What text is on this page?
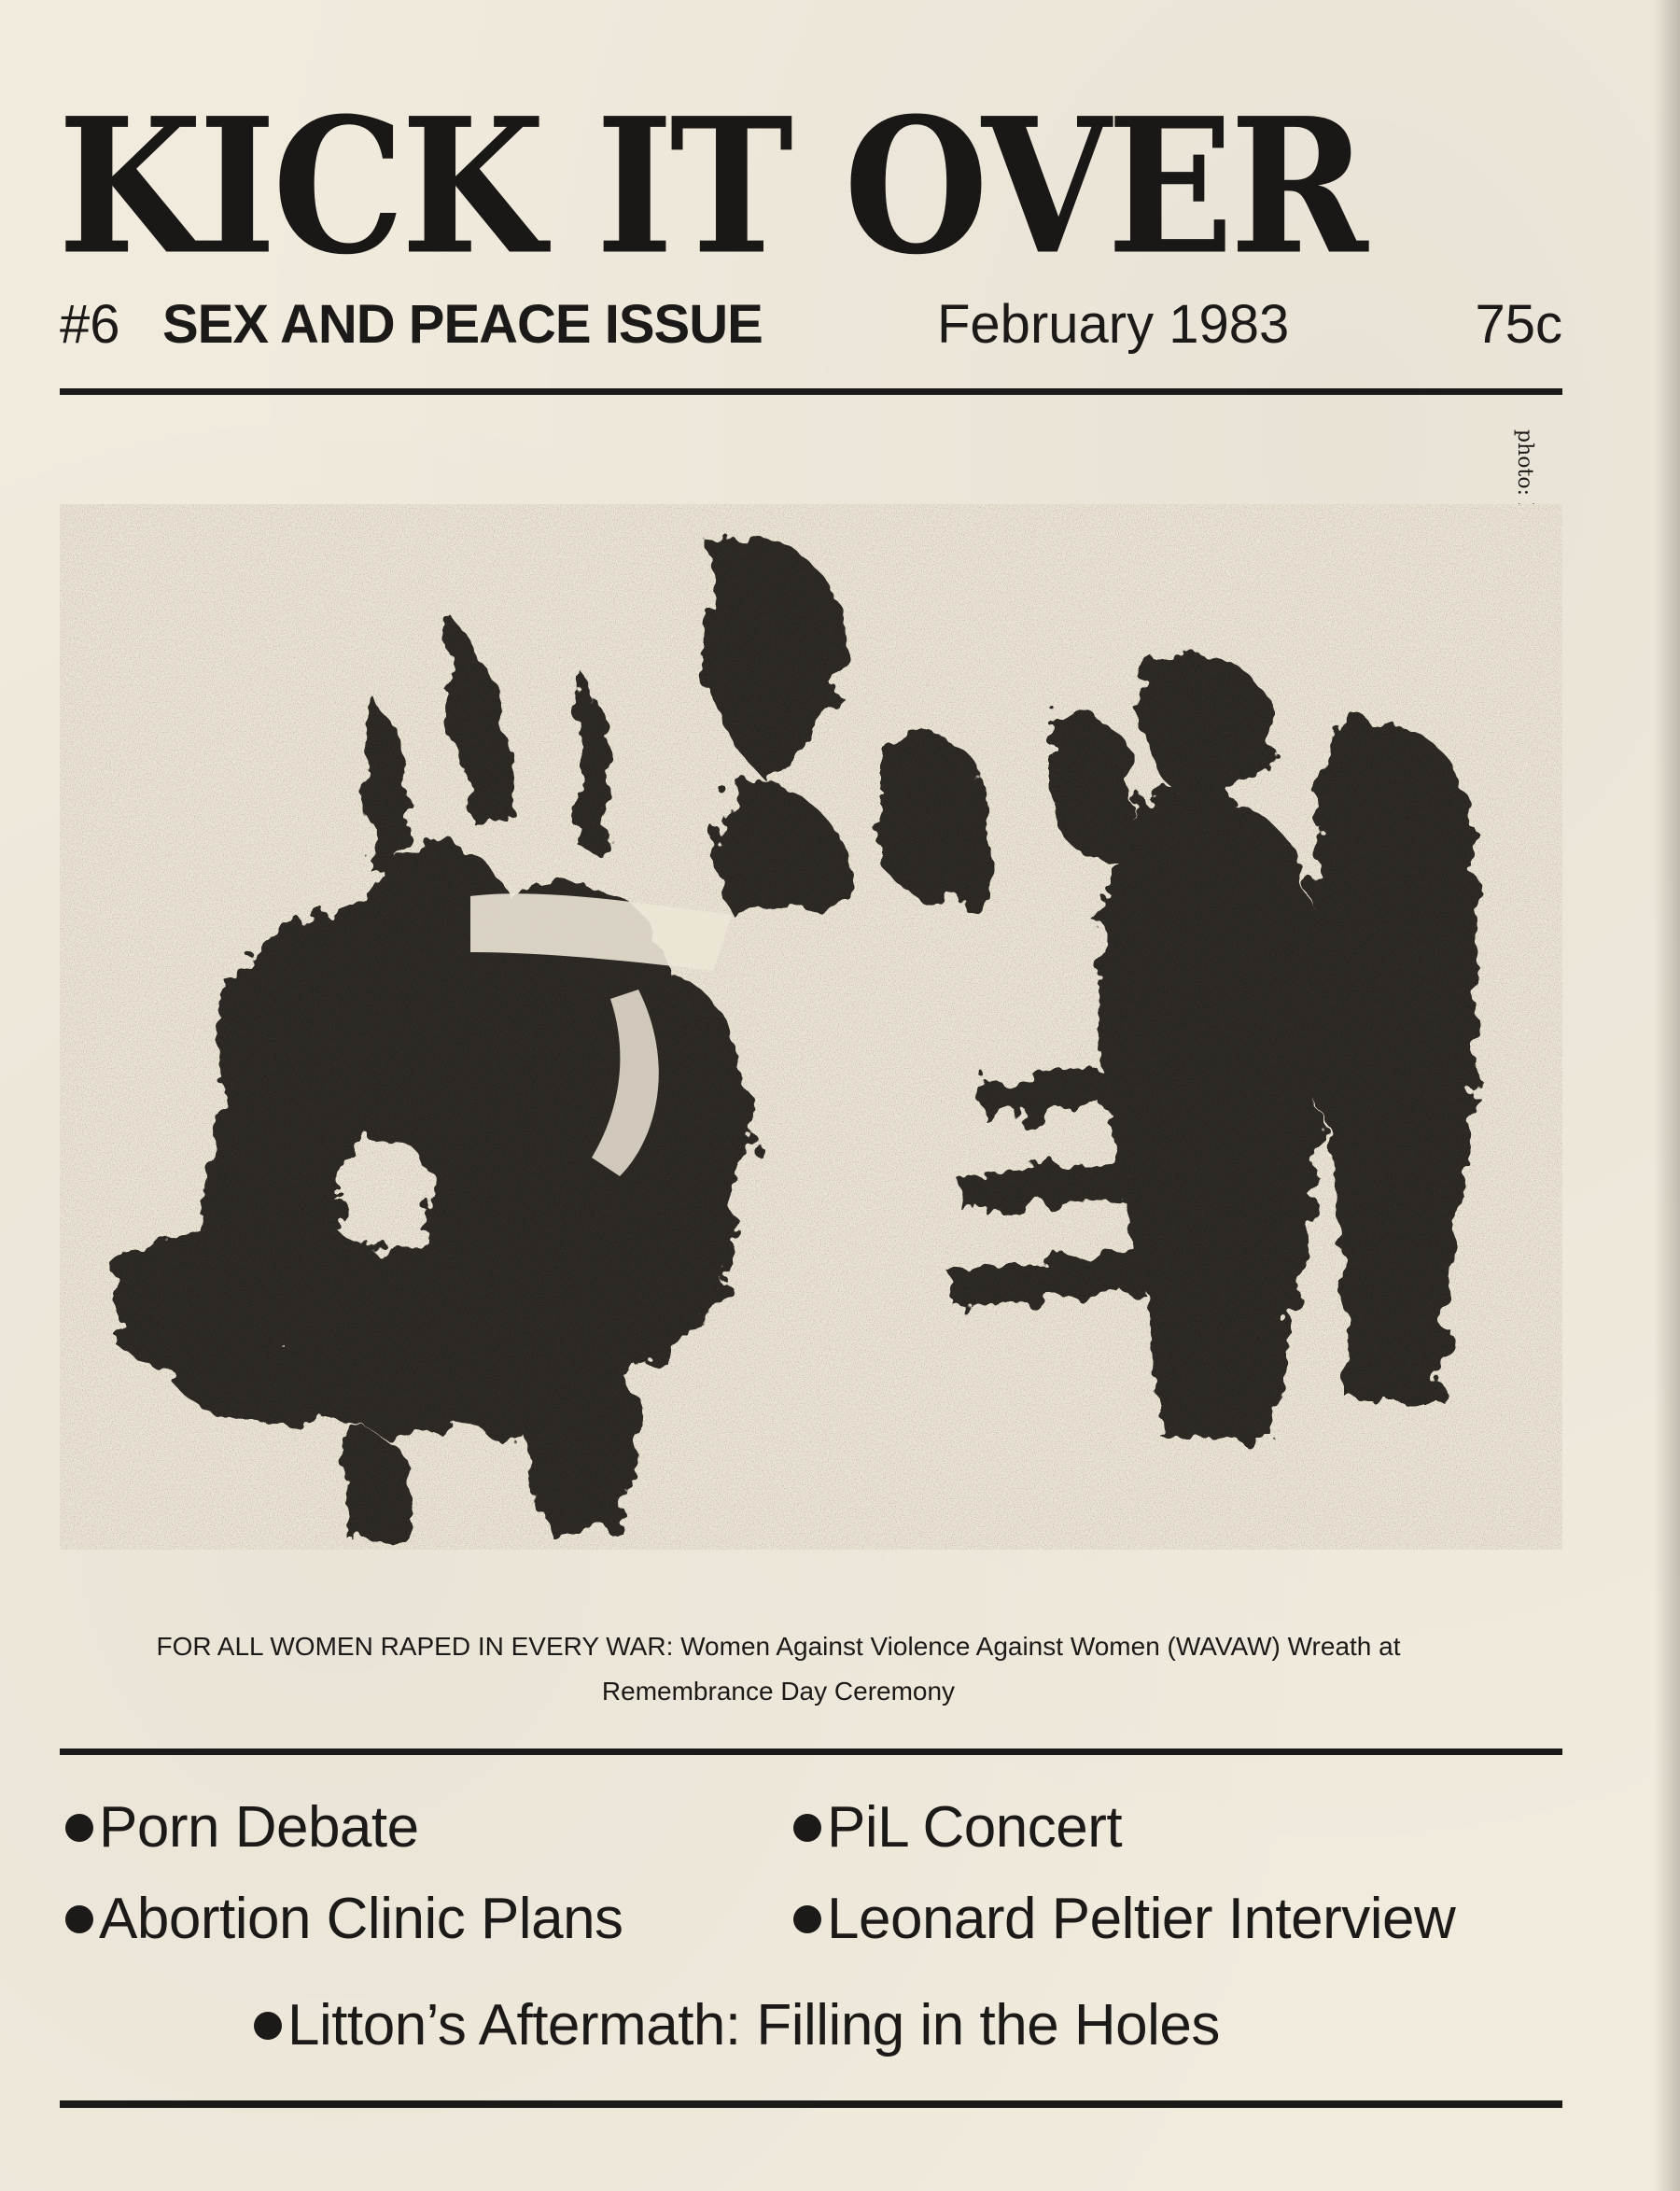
KICK IT OVER
#6 SEX AND PEACE ISSUE	February 1983	75c
FOR ALL WOMEN RAPED IN EVERY WAR: Women Against Violence Against Women (WAVAW) Wreath at
Remembrance Day Ceremony
Porn Debate	PiL Concert
Abortion Clinic Plans	Leonard Peltier Interview
Litton’s Aftermath: Filling in the Holes
